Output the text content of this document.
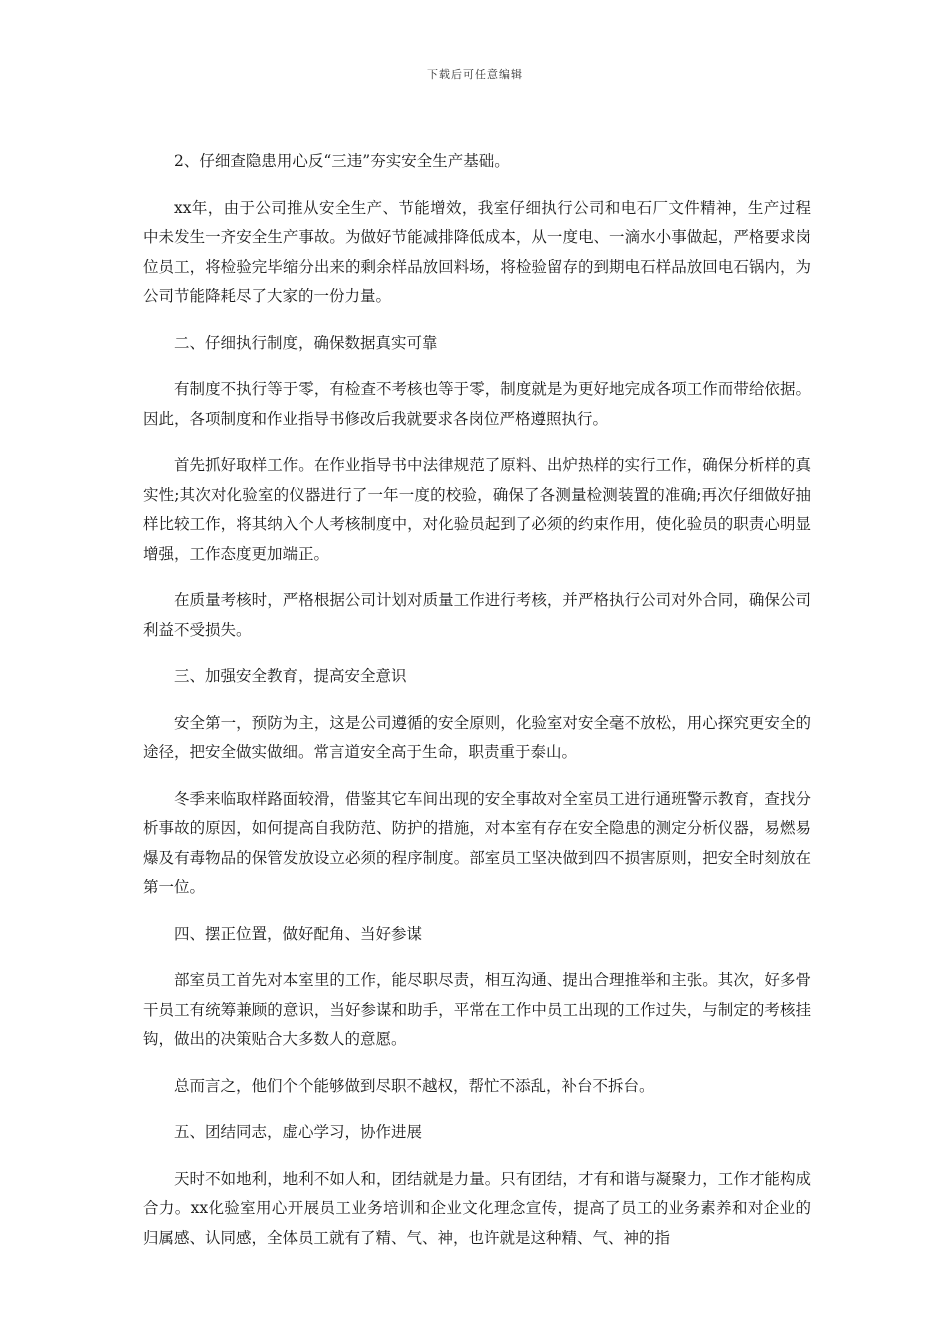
下载后可任意编辑

2、仔细查隐患用心反“三违”夯实安全生产基础。

xx年，由于公司推从安全生产、节能增效，我室仔细执行公司和电石厂文件精神，生产过程中未发生一齐安全生产事故。为做好节能减排降低成本，从一度电、一滴水小事做起，严格要求岗位员工，将检验完毕缩分出来的剩余样品放回料场，将检验留存的到期电石样品放回电石锅内，为公司节能降耗尽了大家的一份力量。

二、仔细执行制度，确保数据真实可靠

有制度不执行等于零，有检查不考核也等于零，制度就是为更好地完成各项工作而带给依据。因此，各项制度和作业指导书修改后我就要求各岗位严格遵照执行。

首先抓好取样工作。在作业指导书中法律规范了原料、出炉热样的实行工作，确保分析样的真实性;其次对化验室的仪器进行了一年一度的校验，确保了各测量检测装置的准确;再次仔细做好抽样比较工作，将其纳入个人考核制度中，对化验员起到了必须的约束作用，使化验员的职责心明显增强，工作态度更加端正。

在质量考核时，严格根据公司计划对质量工作进行考核，并严格执行公司对外合同，确保公司利益不受损失。

三、加强安全教育，提高安全意识

安全第一，预防为主，这是公司遵循的安全原则，化验室对安全毫不放松，用心探究更安全的途径，把安全做实做细。常言道安全高于生命，职责重于泰山。

冬季来临取样路面较滑，借鉴其它车间出现的安全事故对全室员工进行通班警示教育，查找分析事故的原因，如何提高自我防范、防护的措施，对本室有存在安全隐患的测定分析仪器，易燃易爆及有毒物品的保管发放设立必须的程序制度。部室员工坚决做到四不损害原则，把安全时刻放在第一位。

四、摆正位置，做好配角、当好参谋

部室员工首先对本室里的工作，能尽职尽责，相互沟通、提出合理推举和主张。其次，好多骨干员工有统筹兼顾的意识，当好参谋和助手，平常在工作中员工出现的工作过失，与制定的考核挂钩，做出的决策贴合大多数人的意愿。

总而言之，他们个个能够做到尽职不越权，帮忙不添乱，补台不拆台。

五、团结同志，虚心学习，协作进展

天时不如地利，地利不如人和，团结就是力量。只有团结，才有和谐与凝聚力，工作才能构成合力。xx化验室用心开展员工业务培训和企业文化理念宣传，提高了员工的业务素养和对企业的归属感、认同感，全体员工就有了精、气、神，也许就是这种精、气、神的指
